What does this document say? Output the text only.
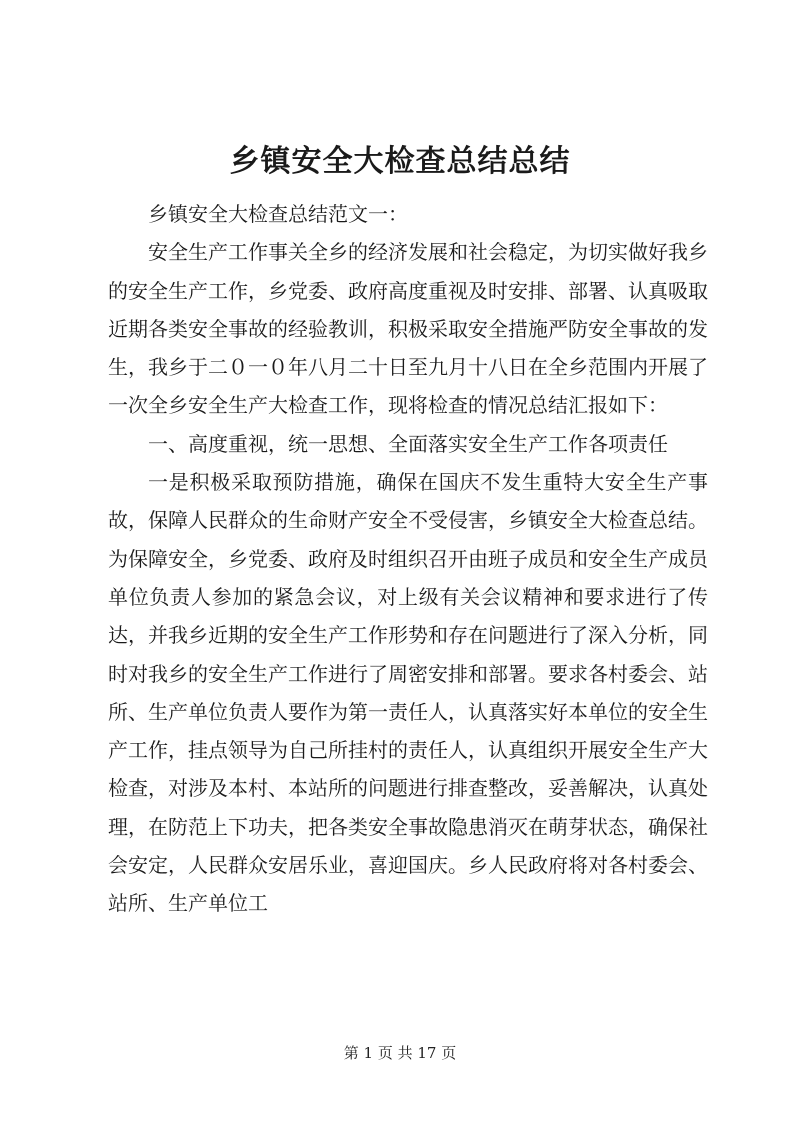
乡镇安全大检查总结总结

乡镇安全大检查总结范文一：

安全生产工作事关全乡的经济发展和社会稳定，为切实做好我乡的安全生产工作，乡党委、政府高度重视及时安排、部署、认真吸取近期各类安全事故的经验教训，积极采取安全措施严防安全事故的发生，我乡于二０一０年八月二十日至九月十八日在全乡范围内开展了一次全乡安全生产大检查工作，现将检查的情况总结汇报如下：

一、高度重视，统一思想、全面落实安全生产工作各项责任

一是积极采取预防措施，确保在国庆不发生重特大安全生产事故，保障人民群众的生命财产安全不受侵害，乡镇安全大检查总结。为保障安全，乡党委、政府及时组织召开由班子成员和安全生产成员单位负责人参加的紧急会议，对上级有关会议精神和要求进行了传达，并我乡近期的安全生产工作形势和存在问题进行了深入分析，同时对我乡的安全生产工作进行了周密安排和部署。要求各村委会、站所、生产单位负责人要作为第一责任人，认真落实好本单位的安全生产工作，挂点领导为自己所挂村的责任人，认真组织开展安全生产大检查，对涉及本村、本站所的问题进行排查整改，妥善解决，认真处理，在防范上下功夫，把各类安全事故隐患消灭在萌芽状态，确保社会安定，人民群众安居乐业，喜迎国庆。乡人民政府将对各村委会、站所、生产单位工

第 1 页 共 17 页
